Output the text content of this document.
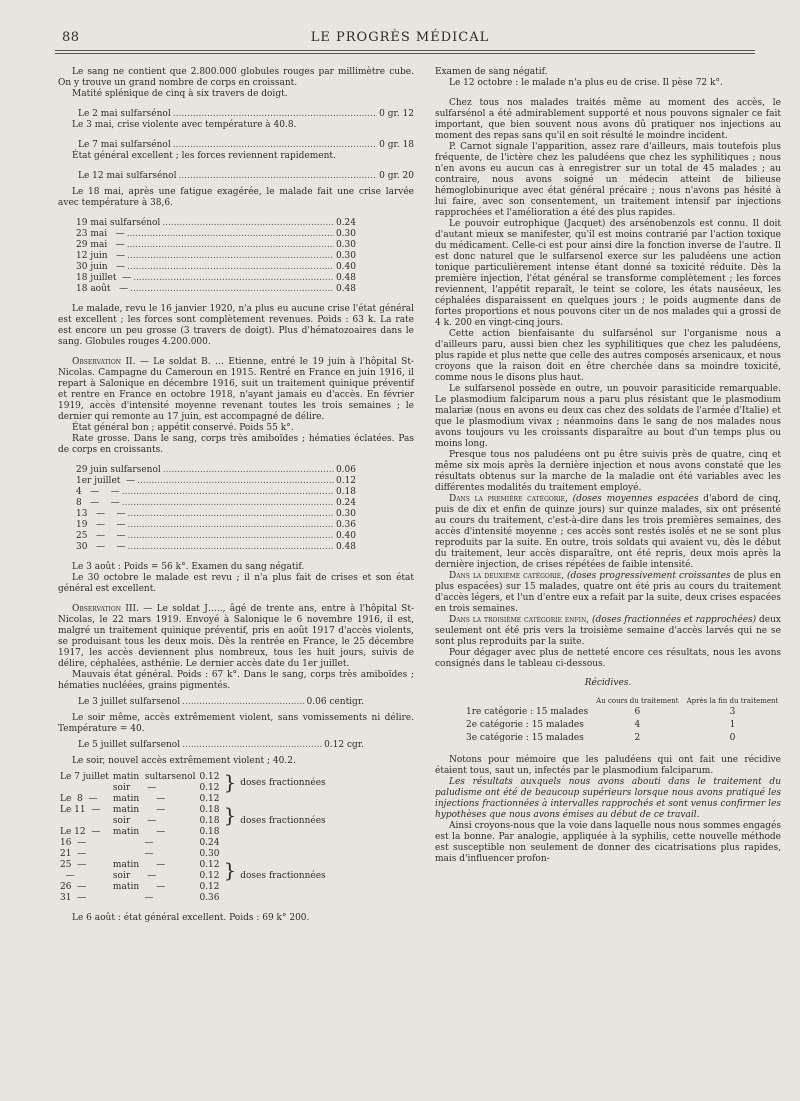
88	LE PROGRÈS MÉDICAL

Le sang ne contient que 2.800.000 globules rouges par millimètre cube. On y trouve un grand nombre de corps en croissant.

Matité splénique de cinq à six travers de doigt.

Le 2 mai sulfarsénol .....	0 gr. 12

Le 3 mai, crise violente avec température à 40.8.

Le 7 mai sulfarsénol .....	0 gr. 18

État général excellent ; les forces reviennent rapidement.

Le 12 mai sulfarsénol .....	0 gr. 20

Le 18 mai, après une fatigue exagérée, le malade fait une crise larvée avec température à 38,6.

19 mai sulfarsénol .....	0.24
23 mai   — .....	0.30
29 mai   — .....	0.30
12 juin   — .....	0.30
30 juin   — .....	0.40
18 juillet  — .....	0.48
18 août   — .....	0.48

Le malade, revu le 16 janvier 1920, n'a plus eu aucune crise l'état général est excellent ; les forces sont complètement revenues. Poids : 63 k. La rate est encore un peu grosse (3 travers de doigt). Plus d'hématozoaires dans le sang. Globules rouges 4.200.000.

Observation II. — Le soldat B. … Etienne, entré le 19 juin à l'hôpital St-Nicolas. Campagne du Cameroun en 1915. Rentré en France en juin 1916, il repart à Salonique en décembre 1916, suit un traitement quinique préventif et rentre en France en octobre 1918, n'ayant jamais eu d'accès. En février 1919, accès d'intensité moyenne revenant toutes les trois semaines ; le dernier qui remonte au 17 juin, est accompagné de délire.

État général bon ; appétit conservé. Poids 55 k°.

Rate grosse. Dans le sang, corps très amiboïdes ; hématies éclatées. Pas de corps en croissants.

29 juin sulfarsenol .....	0.06
1er juillet  — .....	0.12
4   —    — .....	0.18
8   —    — .....	0.24
13   —    — .....	0.30
19   —    — .....	0.36
25   —    — .....	0.40
30   —    — .....	0.48

Le 3 août : Poids = 56 k°. Examen du sang négatif.

Le 30 octobre le malade est revu ; il n'a plus fait de crises et son état général est excellent.

Observation III. — Le soldat J….., âgé de trente ans, entre à l'hôpital St-Nicolas, le 22 mars 1919. Envoyé à Salonique le 6 novembre 1916, il est, malgré un traitement quinique préventif, pris en août 1917 d'accès violents, se produisant tous les deux mois. Dès la rentrée en France, le 25 décembre 1917, les accès deviennent plus nombreux, tous les huit jours, suivis de délire, céphalées, asthénie. Le dernier accès date du 1er juillet.

Mauvais état général. Poids : 67 k°. Dans le sang, corps très amiboïdes ; hématies nucléées, grains pigmentés.

Le 3 juillet sulfarsenol .....	0.06 centigr.

Le soir même, accès extrêmement violent, sans vomissements ni délire. Température = 40.

Le 5 juillet sulfarsenol .....	0.12 cgr.

Le soir, nouvel accès extrêmement violent ; 40.2.

Le 7 juillet	matin  sultarsenol	0.12	}	doses fractionnées
	soir      —	0.12		
Le  8  —	matin      —	0.12		
Le 11  —	matin      —	0.18	}	doses fractionnées
	soir      —	0.18		
Le 12  —	matin      —	0.18		
16  —	—	0.24		
21  —	—	0.30		
25  —	matin      —	0.12	}	doses fractionnées
—	soir      —	0.12		
26  —	matin      —	0.12		
31  —	—	0.36		

Le 6 août : état général excellent. Poids : 69 k° 200.

Examen de sang négatif.

Le 12 octobre : le malade n'a plus eu de crise. Il pèse 72 k°.

Chez tous nos malades traités même au moment des accès, le sulfarsénol a été admirablement supporté et nous pouvons signaler ce fait important, que bien souvent nous avons dû pratiquer nos injections au moment des repas sans qu'il en soit résulté le moindre incident.

P. Carnot signale l'apparition, assez rare d'ailleurs, mais toutefois plus fréquente, de l'ictère chez les paludéens que chez les syphilitiques ; nous n'en avons eu aucun cas à enregistrer sur un total de 45 malades ; au contraire, nous avons soigné un médecin atteint de bilieuse hémoglobinurique avec état général précaire ; nous n'avons pas hésité à lui faire, avec son consentement, un traitement intensif par injections rapprochées et l'amélioration a été des plus rapides.

Le pouvoir eutrophique (Jacquet) des arsénobenzols est connu. Il doit d'autant mieux se manifester, qu'il est moins contrarié par l'action toxique du médicament. Celle-ci est pour ainsi dire la fonction inverse de l'autre. Il est donc naturel que le sulfarsenol exerce sur les paludéens une action tonique particulièrement intense étant donné sa toxicité réduite. Dès la première injection, l'état général se transforme complètement ; les forces reviennent, l'appétit reparaît, le teint se colore, les états nauséeux, les céphalées disparaissent en quelques jours ; le poids augmente dans de fortes proportions et nous pouvons citer un de nos malades qui a grossi de 4 k. 200 en vingt-cinq jours.

Cette action bienfaisante du sulfarsénol sur l'organisme nous a d'ailleurs paru, aussi bien chez les syphilitiques que chez les paludéens, plus rapide et plus nette que celle des autres composés arsenicaux, et nous croyons que la raison doit en être cherchée dans sa moindre toxicité, comme nous le disons plus haut.

Le sulfarsenol possède en outre, un pouvoir parasiticide remarquable. Le plasmodium falciparum nous a paru plus résistant que le plasmodium malariæ (nous en avons eu deux cas chez des soldats de l'armée d'Italie) et que le plasmodium vivax ; néanmoins dans le sang de nos malades nous avons toujours vu les croissants disparaître au bout d'un temps plus ou moins long.

Presque tous nos paludéens ont pu être suivis près de quatre, cinq et même six mois après la dernière injection et nous avons constaté que les résultats obtenus sur la marche de la maladie ont été variables avec les différentes modalités du traitement employé.

Dans la première catégorie, (doses moyennes espacées d'abord de cinq, puis de dix et enfin de quinze jours) sur quinze malades, six ont présenté au cours du traitement, c'est-à-dire dans les trois premières semaines, des accès d'intensité moyenne ; ces accès sont restés isolés et ne se sont plus reproduits par la suite. En outre, trois soldats qui avaient vu, dès le début du traitement, leur accès disparaître, ont été repris, deux mois après la dernière injection, de crises répétées de faible intensité.

Dans la deuxième catégorie, (doses progressivement croissantes de plus en plus espacées) sur 15 malades, quatre ont été pris au cours du traitement d'accès légers, et l'un d'entre eux a refait par la suite, deux crises espacées en trois semaines.

Dans la troisième catégorie enfin, (doses fractionnées et rapprochées) deux seulement ont été pris vers la troisième semaine d'accès larvés qui ne se sont plus reproduits par la suite.

Pour dégager avec plus de netteté encore ces résultats, nous les avons consignés dans le tableau ci-dessous.

Récidives.
	Au cours du traitement	Après la fin du traitement
1re catégorie : 15 malades	6	3
2e catégorie : 15 malades	4	1
3e catégorie : 15 malades	2	0

Notons pour mémoire que les paludéens qui ont fait une récidive étaient tous, saut un, infectés par le plasmodium falciparum.

Les résultats auxquels nous avons abouti dans le traitement du paludisme ont été de beaucoup supérieurs lorsque nous avons pratiqué les injections fractionnées à intervalles rapprochés et sont venus confirmer les hypothèses que nous avons émises au début de ce travail.

Ainsi croyons-nous que la voie dans laquelle nous nous sommes engagés est la bonne. Par analogie, appliquée à la syphilis, cette nouvelle méthode est susceptible non seulement de donner des cicatrisations plus rapides, mais d'influencer profon-
